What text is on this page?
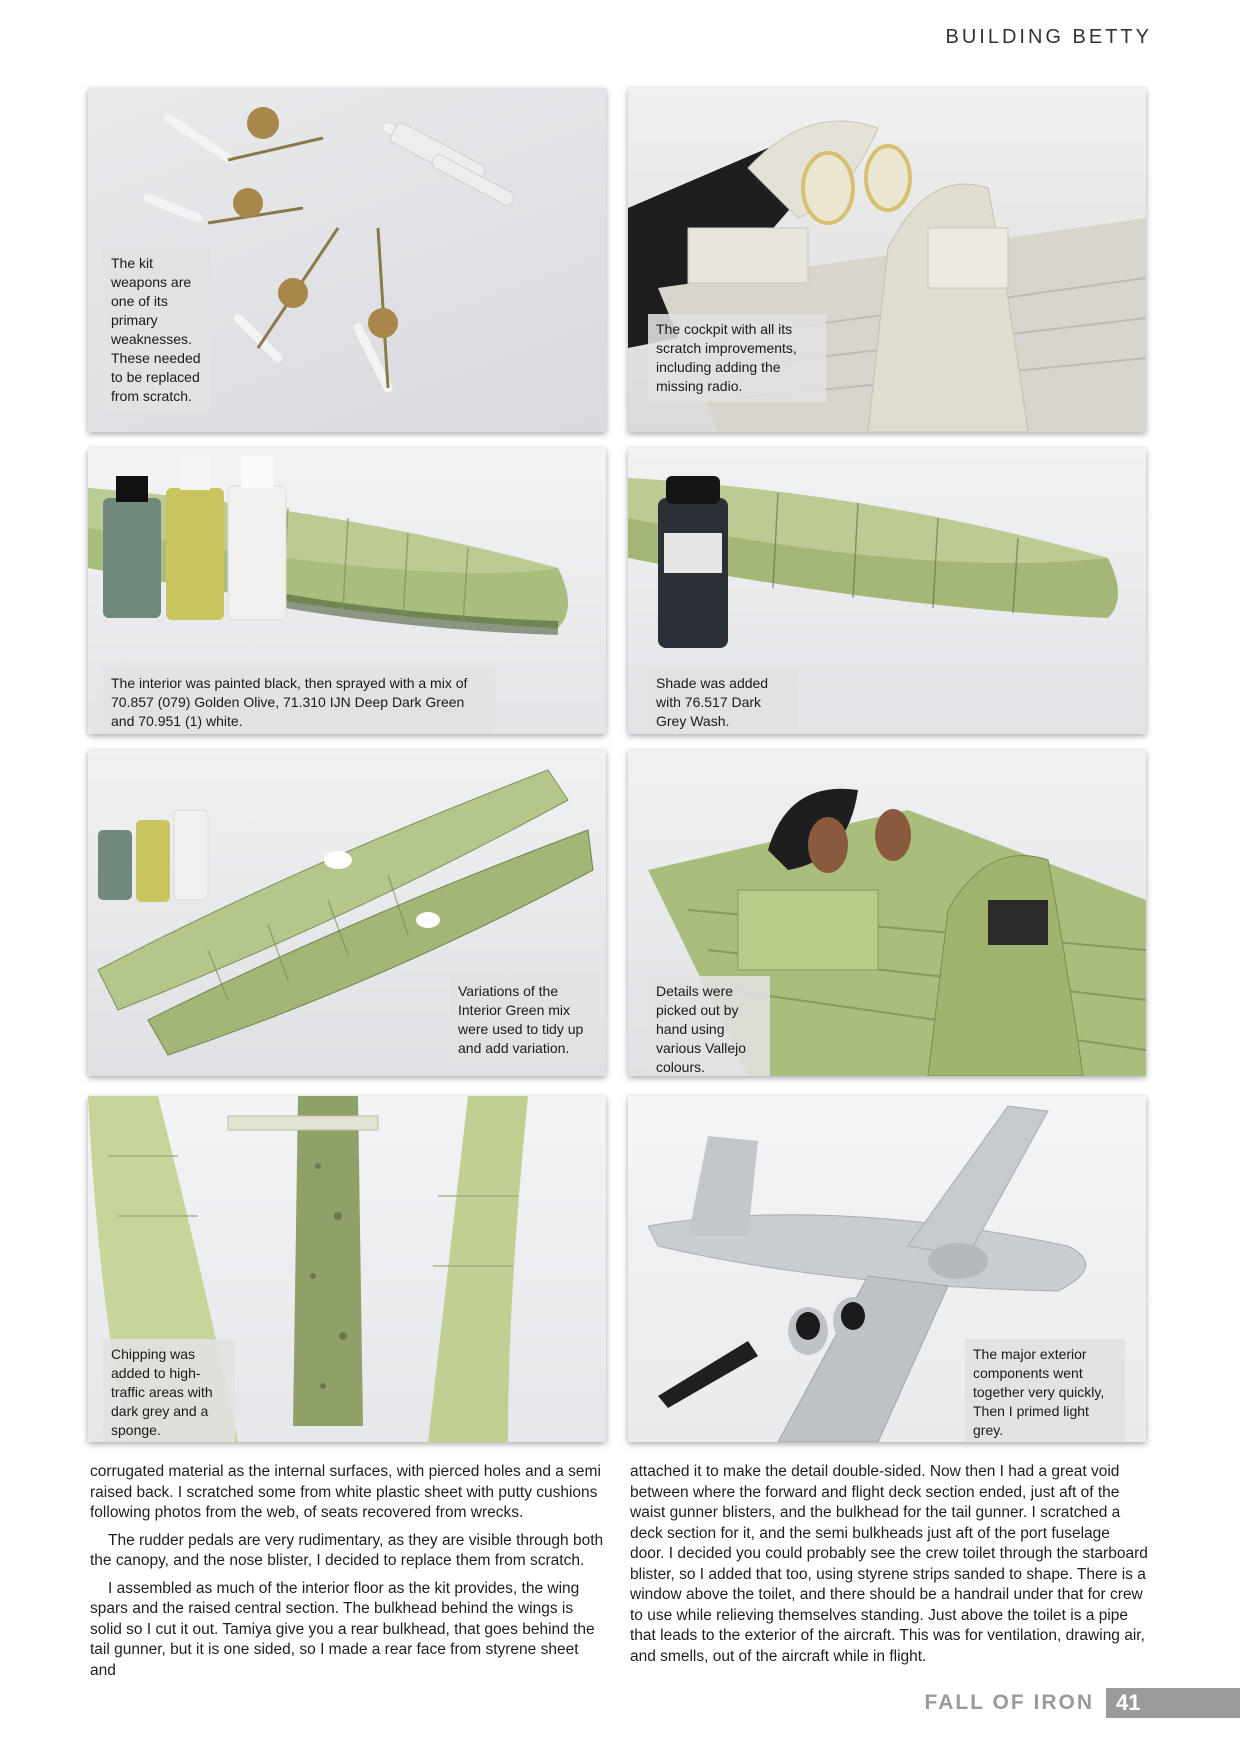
BUILDING BETTY
The kit weapons are one of its primary weaknesses. These needed to be replaced from scratch.
The cockpit with all its scratch improvements, including adding the missing radio.
The interior was painted black, then sprayed with a mix of 70.857 (079) Golden Olive, 71.310 IJN Deep Dark Green and 70.951 (1) white.
Shade was added with 76.517 Dark Grey Wash.
Variations of the Interior Green mix were used to tidy up and add variation.
Details were picked out by hand using various Vallejo colours.
Chipping was added to high-traffic areas with dark grey and a sponge.
The major exterior components went together very quickly, Then I primed light grey.

corrugated material as the internal surfaces, with pierced holes and a semi raised back. I scratched some from white plastic sheet with putty cushions following photos from the web, of seats recovered from wrecks.

The rudder pedals are very rudimentary, as they are visible through both the canopy, and the nose blister, I decided to replace them from scratch.

I assembled as much of the interior floor as the kit provides, the wing spars and the raised central section. The bulkhead behind the wings is solid so I cut it out. Tamiya give you a rear bulkhead, that goes behind the tail gunner, but it is one sided, so I made a rear face from styrene sheet and

attached it to make the detail double-sided. Now then I had a great void between where the forward and flight deck section ended, just aft of the waist gunner blisters, and the bulkhead for the tail gunner. I scratched a deck section for it, and the semi bulkheads just aft of the port fuselage door. I decided you could probably see the crew toilet through the starboard blister, so I added that too, using styrene strips sanded to shape. There is a window above the toilet, and there should be a handrail under that for crew to use while relieving themselves standing. Just above the toilet is a pipe that leads to the exterior of the aircraft. This was for ventilation, drawing air, and smells, out of the aircraft while in flight.

FALL OF IRON	41
